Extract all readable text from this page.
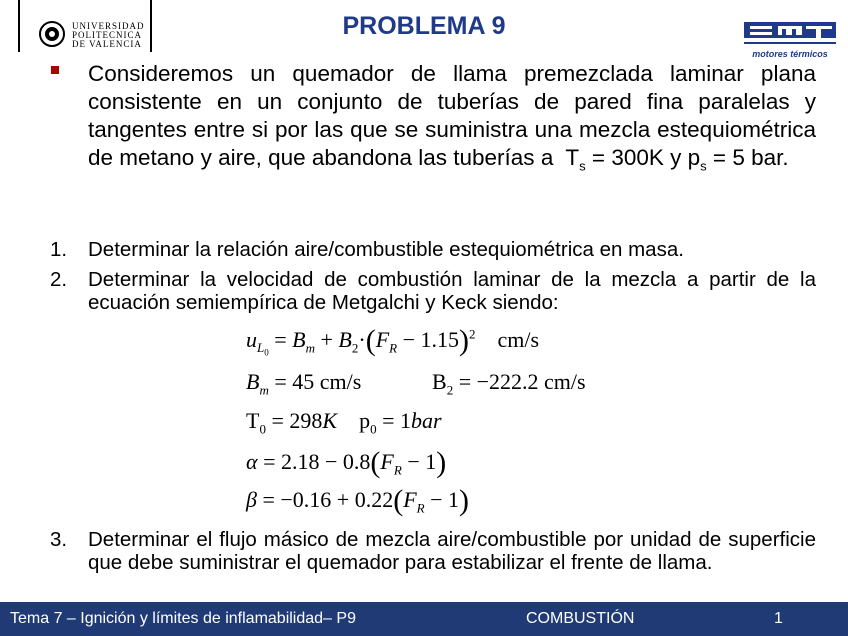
UNIVERSIDAD
POLITECNICA
DE VALENCIA
PROBLEMA 9
motores térmicos
Consideremos un quemador de llama premezclada laminar plana consistente en un conjunto de tuberías de pared fina paralelas y tangentes entre si por las que se suministra una mezcla estequiométrica de metano y aire, que abandona las tuberías a  $T_s = 300K$ y $p_s = 5$ bar.
1.	Determinar la relación aire/combustible estequiométrica en masa.
2.	Determinar la velocidad de combustión laminar de la mezcla a partir de la ecuación semiempírica de Metgalchi y Keck siendo:
$u_{L_0} = B_m + B_2\cdot(F_R - 1.15)^2$ cm/s
$B_m = 45$ cm/s	$B_2 = -222.2$ cm/s
$T_0 = 298K$    $p_0 = 1bar$
$\alpha = 2.18 - 0.8(F_R - 1)$
$\beta = -0.16 + 0.22(F_R - 1)$
3.	Determinar el flujo másico de mezcla aire/combustible por unidad de superficie que debe suministrar el quemador para estabilizar el frente de llama.
Tema 7 – Ignición y límites de inflamabilidad– P9	COMBUSTIÓN	1
